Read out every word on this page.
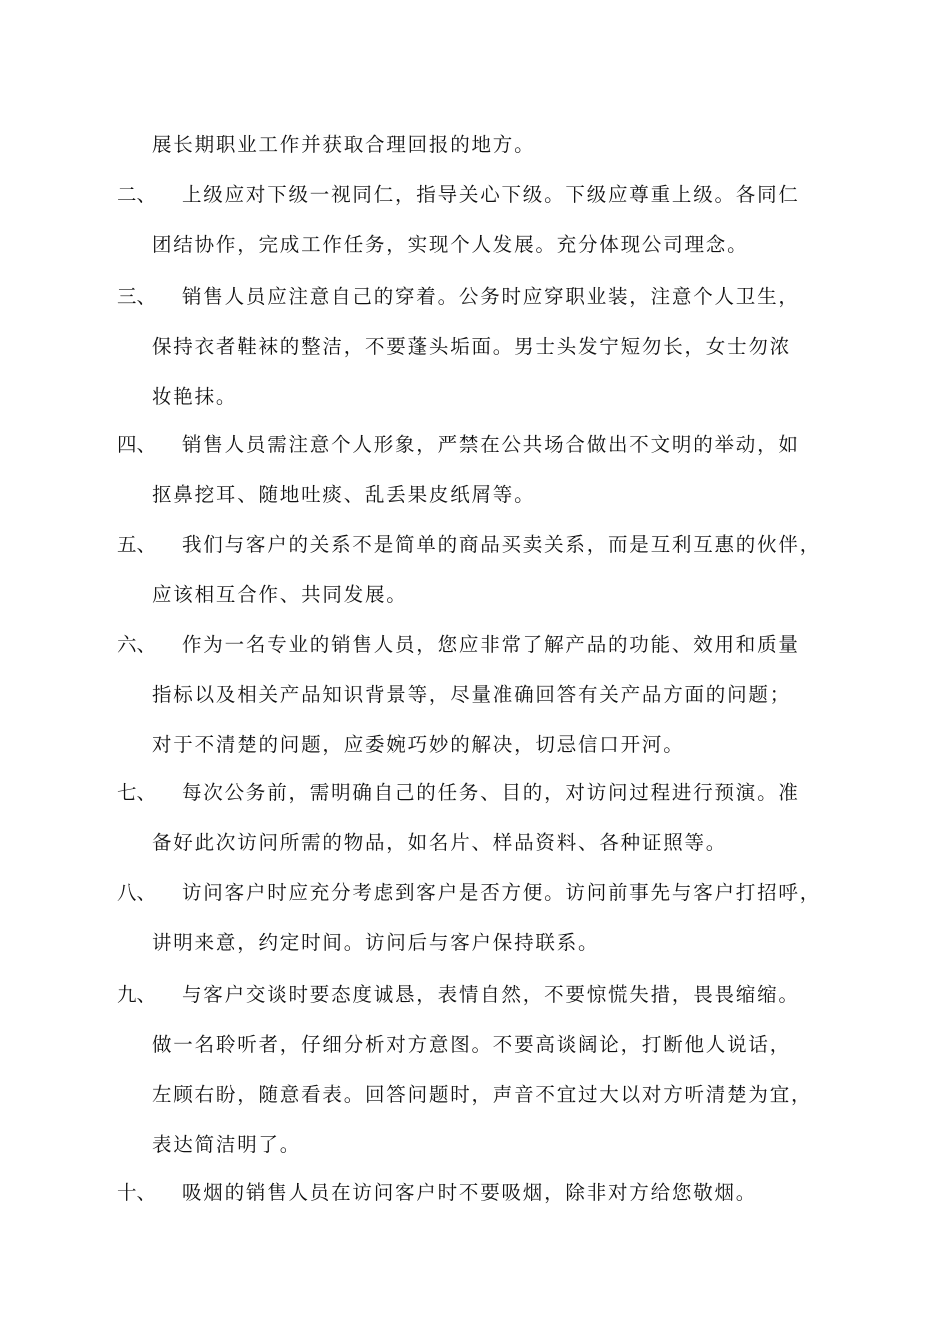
展长期职业工作并获取合理回报的地方。
二、 上级应对下级一视同仁，指导关心下级。下级应尊重上级。各同仁
团结协作，完成工作任务，实现个人发展。充分体现公司理念。
三、 销售人员应注意自己的穿着。公务时应穿职业装，注意个人卫生，
保持衣者鞋袜的整洁，不要蓬头垢面。男士头发宁短勿长，女士勿浓
妆艳抹。
四、 销售人员需注意个人形象，严禁在公共场合做出不文明的举动，如
抠鼻挖耳、随地吐痰、乱丢果皮纸屑等。
五、 我们与客户的关系不是简单的商品买卖关系，而是互利互惠的伙伴，
应该相互合作、共同发展。
六、 作为一名专业的销售人员，您应非常了解产品的功能、效用和质量
指标以及相关产品知识背景等，尽量准确回答有关产品方面的问题；
对于不清楚的问题，应委婉巧妙的解决，切忌信口开河。
七、 每次公务前，需明确自己的任务、目的，对访问过程进行预演。准
备好此次访问所需的物品，如名片、样品资料、各种证照等。
八、 访问客户时应充分考虑到客户是否方便。访问前事先与客户打招呼，
讲明来意，约定时间。访问后与客户保持联系。
九、 与客户交谈时要态度诚恳，表情自然，不要惊慌失措，畏畏缩缩。
做一名聆听者，仔细分析对方意图。不要高谈阔论，打断他人说话，
左顾右盼，随意看表。回答问题时，声音不宜过大以对方听清楚为宜，
表达简洁明了。
十、 吸烟的销售人员在访问客户时不要吸烟，除非对方给您敬烟。
